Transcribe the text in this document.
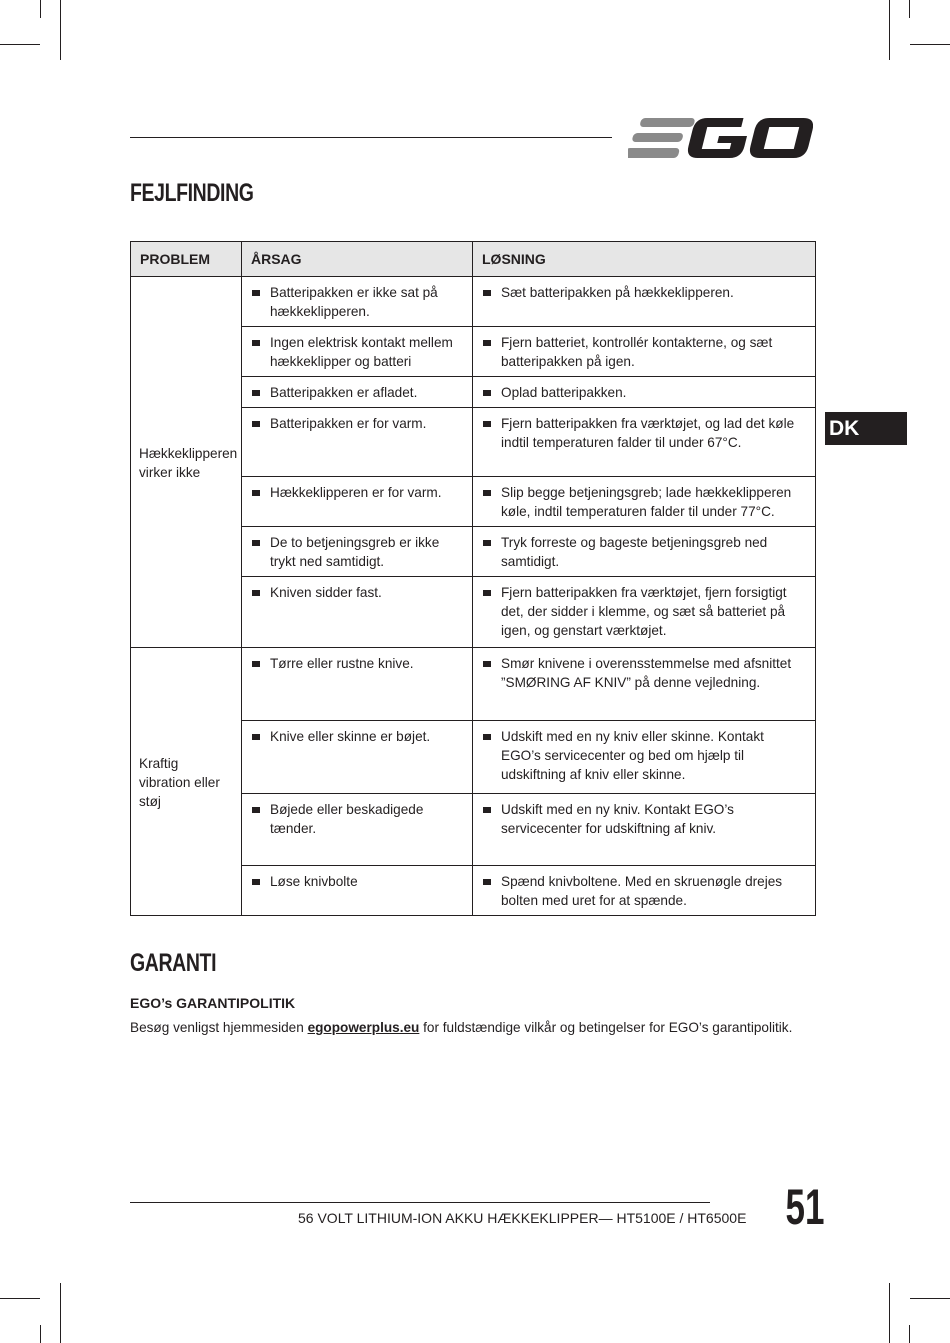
FEJLFINDING
DK
PROBLEM	ÅRSAG	LØSNING
Hækkeklipperen virker ikke	Batteripakken er ikke sat på hækkeklipperen.	Sæt batteripakken på hækkeklipperen.

	Ingen elektrisk kontakt mellem hækkeklipper og batteri	Fjern batteriet, kontrollér kontakterne, og sæt batteripakken på igen.

	Batteripakken er afladet.	Oplad batteripakken.

	Batteripakken er for varm.	Fjern batteripakken fra værktøjet, og lad det køle indtil temperaturen falder til under 67°C.

	Hækkeklipperen er for varm.	Slip begge betjeningsgreb; lade hækkeklipperen køle, indtil temperaturen falder til under 77°C.

	De to betjeningsgreb er ikke trykt ned samtidigt.	Tryk forreste og bageste betjeningsgreb ned samtidigt.

	Kniven sidder fast.	Fjern batteripakken fra værktøjet, fjern forsigtigt det, der sidder i klemme, og sæt så batteriet på igen, og genstart værktøjet.

Kraftig vibration eller støj	Tørre eller rustne knive.	Smør knivene i overensstemmelse med afsnittet ”SMØRING AF KNIV” på denne vejledning.

	Knive eller skinne er bøjet.	Udskift med en ny kniv eller skinne. Kontakt EGO’s servicecenter og bed om hjælp til udskiftning af kniv eller skinne.

	Bøjede eller beskadigede tænder.	Udskift med en ny kniv. Kontakt EGO’s servicecenter for udskiftning af kniv.

	Løse knivbolte	Spænd knivboltene. Med en skruenøgle drejes bolten med uret for at spænde.
GARANTI
EGO’s GARANTIPOLITIK
Besøg venligst hjemmesiden egopowerplus.eu for fuldstændige vilkår og betingelser for EGO’s garantipolitik.
56 VOLT LITHIUM-ION AKKU HÆKKEKLIPPER— HT5100E / HT6500E 51
